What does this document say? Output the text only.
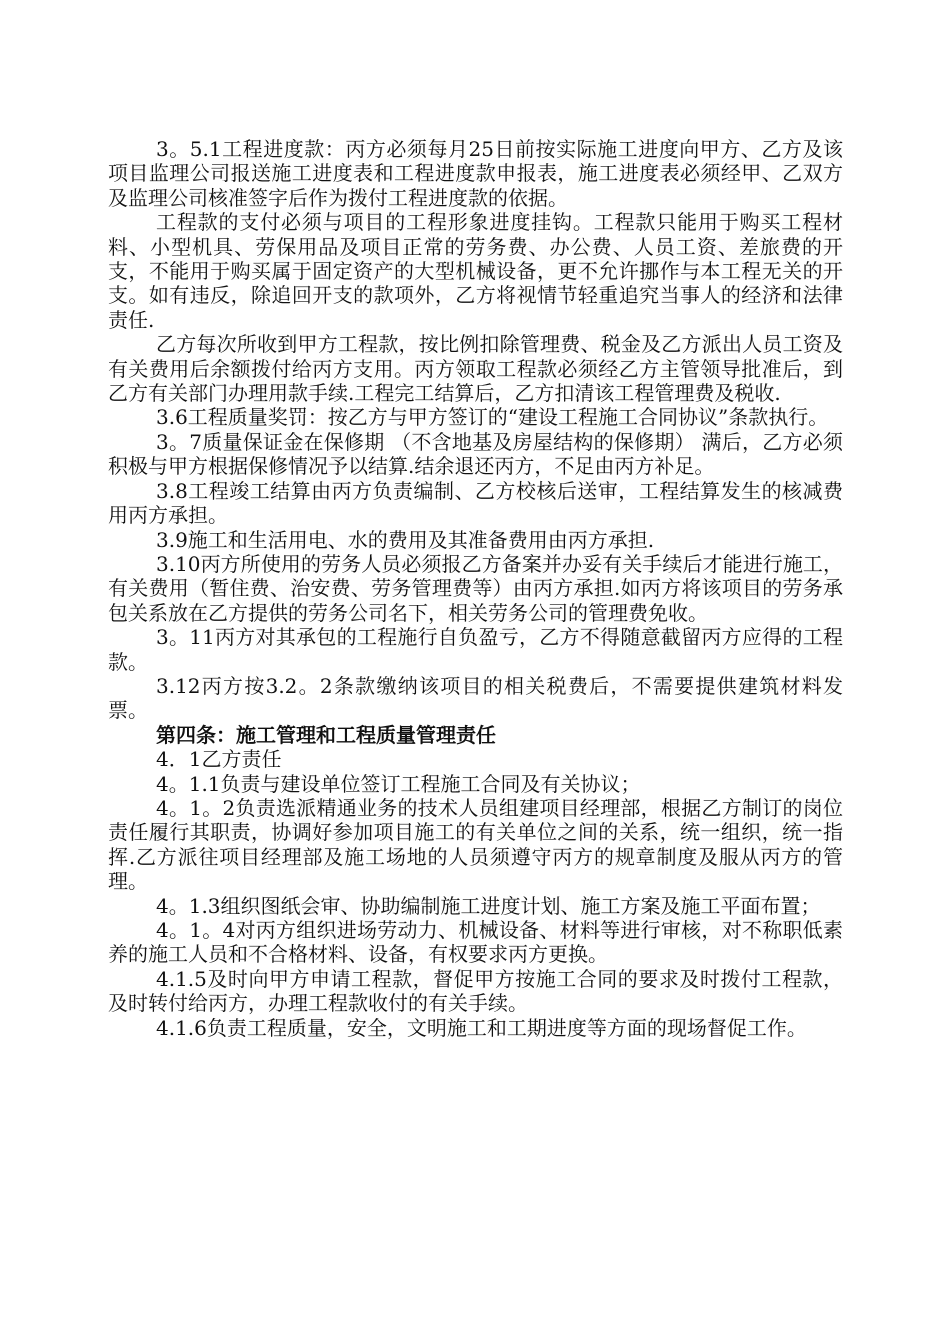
3。5.1工程进度款：丙方必须每月25日前按实际施工进度向甲方、乙方及该项目监理公司报送施工进度表和工程进度款申报表，施工进度表必须经甲、乙双方及监理公司核准签字后作为拨付工程进度款的依据。

工程款的支付必须与项目的工程形象进度挂钩。工程款只能用于购买工程材料、小型机具、劳保用品及项目正常的劳务费、办公费、人员工资、差旅费的开支，不能用于购买属于固定资产的大型机械设备，更不允许挪作与本工程无关的开支。如有违反，除追回开支的款项外，乙方将视情节轻重追究当事人的经济和法律责任.

乙方每次所收到甲方工程款，按比例扣除管理费、税金及乙方派出人员工资及有关费用后余额拨付给丙方支用。丙方领取工程款必须经乙方主管领导批准后，到乙方有关部门办理用款手续.工程完工结算后，乙方扣清该工程管理费及税收.

3.6工程质量奖罚：按乙方与甲方签订的“建设工程施工合同协议”条款执行。

3。7质量保证金在保修期 （不含地基及房屋结构的保修期） 满后，乙方必须积极与甲方根据保修情况予以结算.结余退还丙方，不足由丙方补足。

3.8工程竣工结算由丙方负责编制、乙方校核后送审，工程结算发生的核减费用丙方承担。

3.9施工和生活用电、水的费用及其准备费用由丙方承担.

3.10丙方所使用的劳务人员必须报乙方备案并办妥有关手续后才能进行施工，有关费用（暂住费、治安费、劳务管理费等）由丙方承担.如丙方将该项目的劳务承包关系放在乙方提供的劳务公司名下，相关劳务公司的管理费免收。

3。11丙方对其承包的工程施行自负盈亏，乙方不得随意截留丙方应得的工程款。

3.12丙方按3.2。2条款缴纳该项目的相关税费后，不需要提供建筑材料发票。

第四条：施工管理和工程质量管理责任

4．1乙方责任

4。1.1负责与建设单位签订工程施工合同及有关协议；

4。1。2负责选派精通业务的技术人员组建项目经理部，根据乙方制订的岗位责任履行其职责，协调好参加项目施工的有关单位之间的关系，统一组织，统一指挥.乙方派往项目经理部及施工场地的人员须遵守丙方的规章制度及服从丙方的管理。

4。1.3组织图纸会审、协助编制施工进度计划、施工方案及施工平面布置；

4。1。4对丙方组织进场劳动力、机械设备、材料等进行审核，对不称职低素养的施工人员和不合格材料、设备，有权要求丙方更换。

4.1.5及时向甲方申请工程款，督促甲方按施工合同的要求及时拨付工程款，及时转付给丙方，办理工程款收付的有关手续。

4.1.6负责工程质量，安全，文明施工和工期进度等方面的现场督促工作。
